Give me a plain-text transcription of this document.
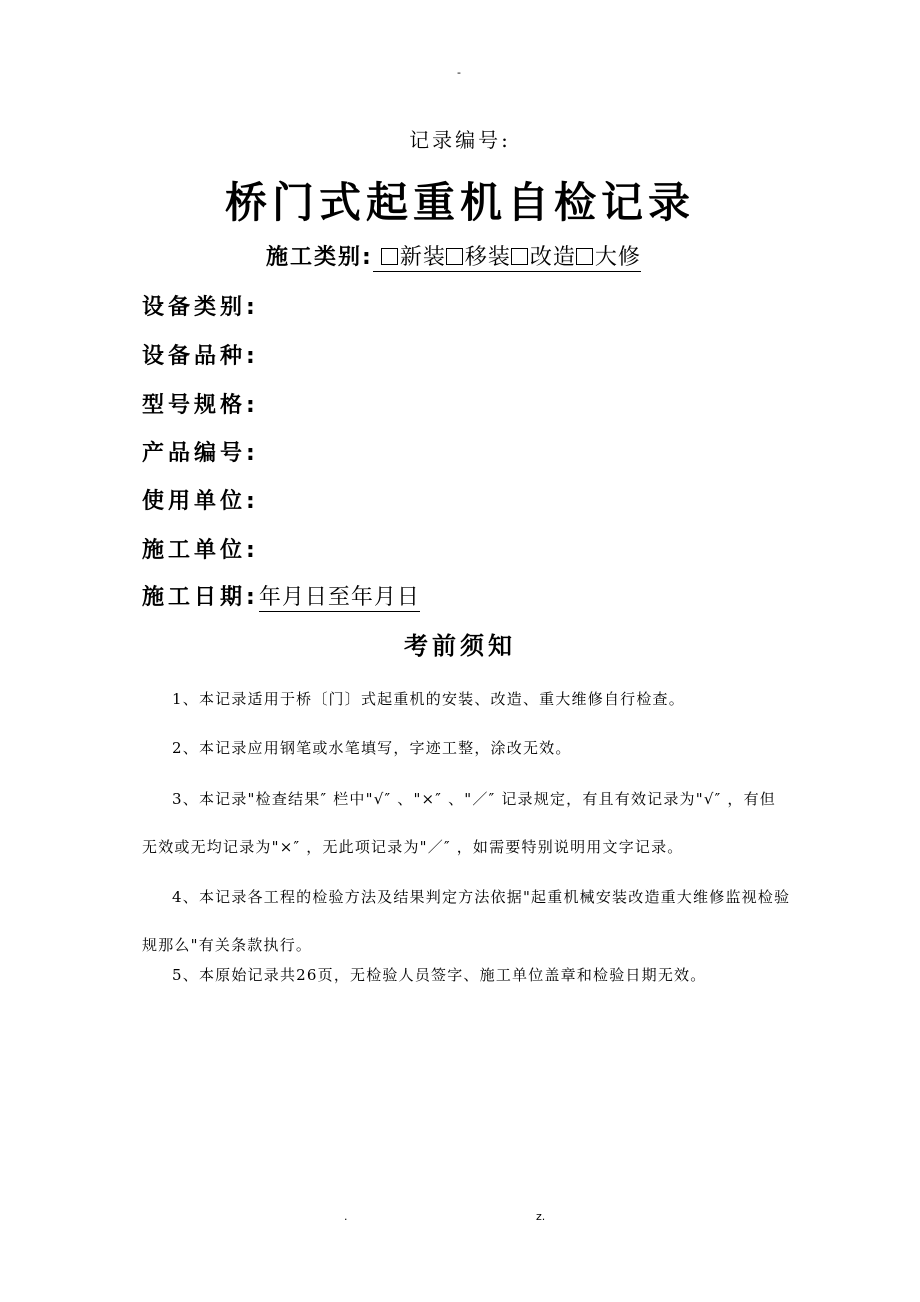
-
记录编号:
桥门式起重机自检记录
施工类别: 新装 移装 改造 大修
设备类别:
设备品种:
型号规格:
产品编号:
使用单位:
施工单位:
施工日期:年月日至年月日
考前须知
1、本记录适用于桥〔门〕式起重机的安装、改造、重大维修自行检查。
2、本记录应用钢笔或水笔填写，字迹工整，涂改无效。
3、本记录"检查结果″ 栏中"√″ 、"×″ 、"／″ 记录规定，有且有效记录为"√″ ，有但
无效或无均记录为"×″ ，无此项记录为"／″ ，如需要特别说明用文字记录。
4、本记录各工程的检验方法及结果判定方法依据"起重机械安装改造重大维修监视检验
规那么"有关条款执行。
5、本原始记录共26页，无检验人员签字、施工单位盖章和检验日期无效。
.	z.
